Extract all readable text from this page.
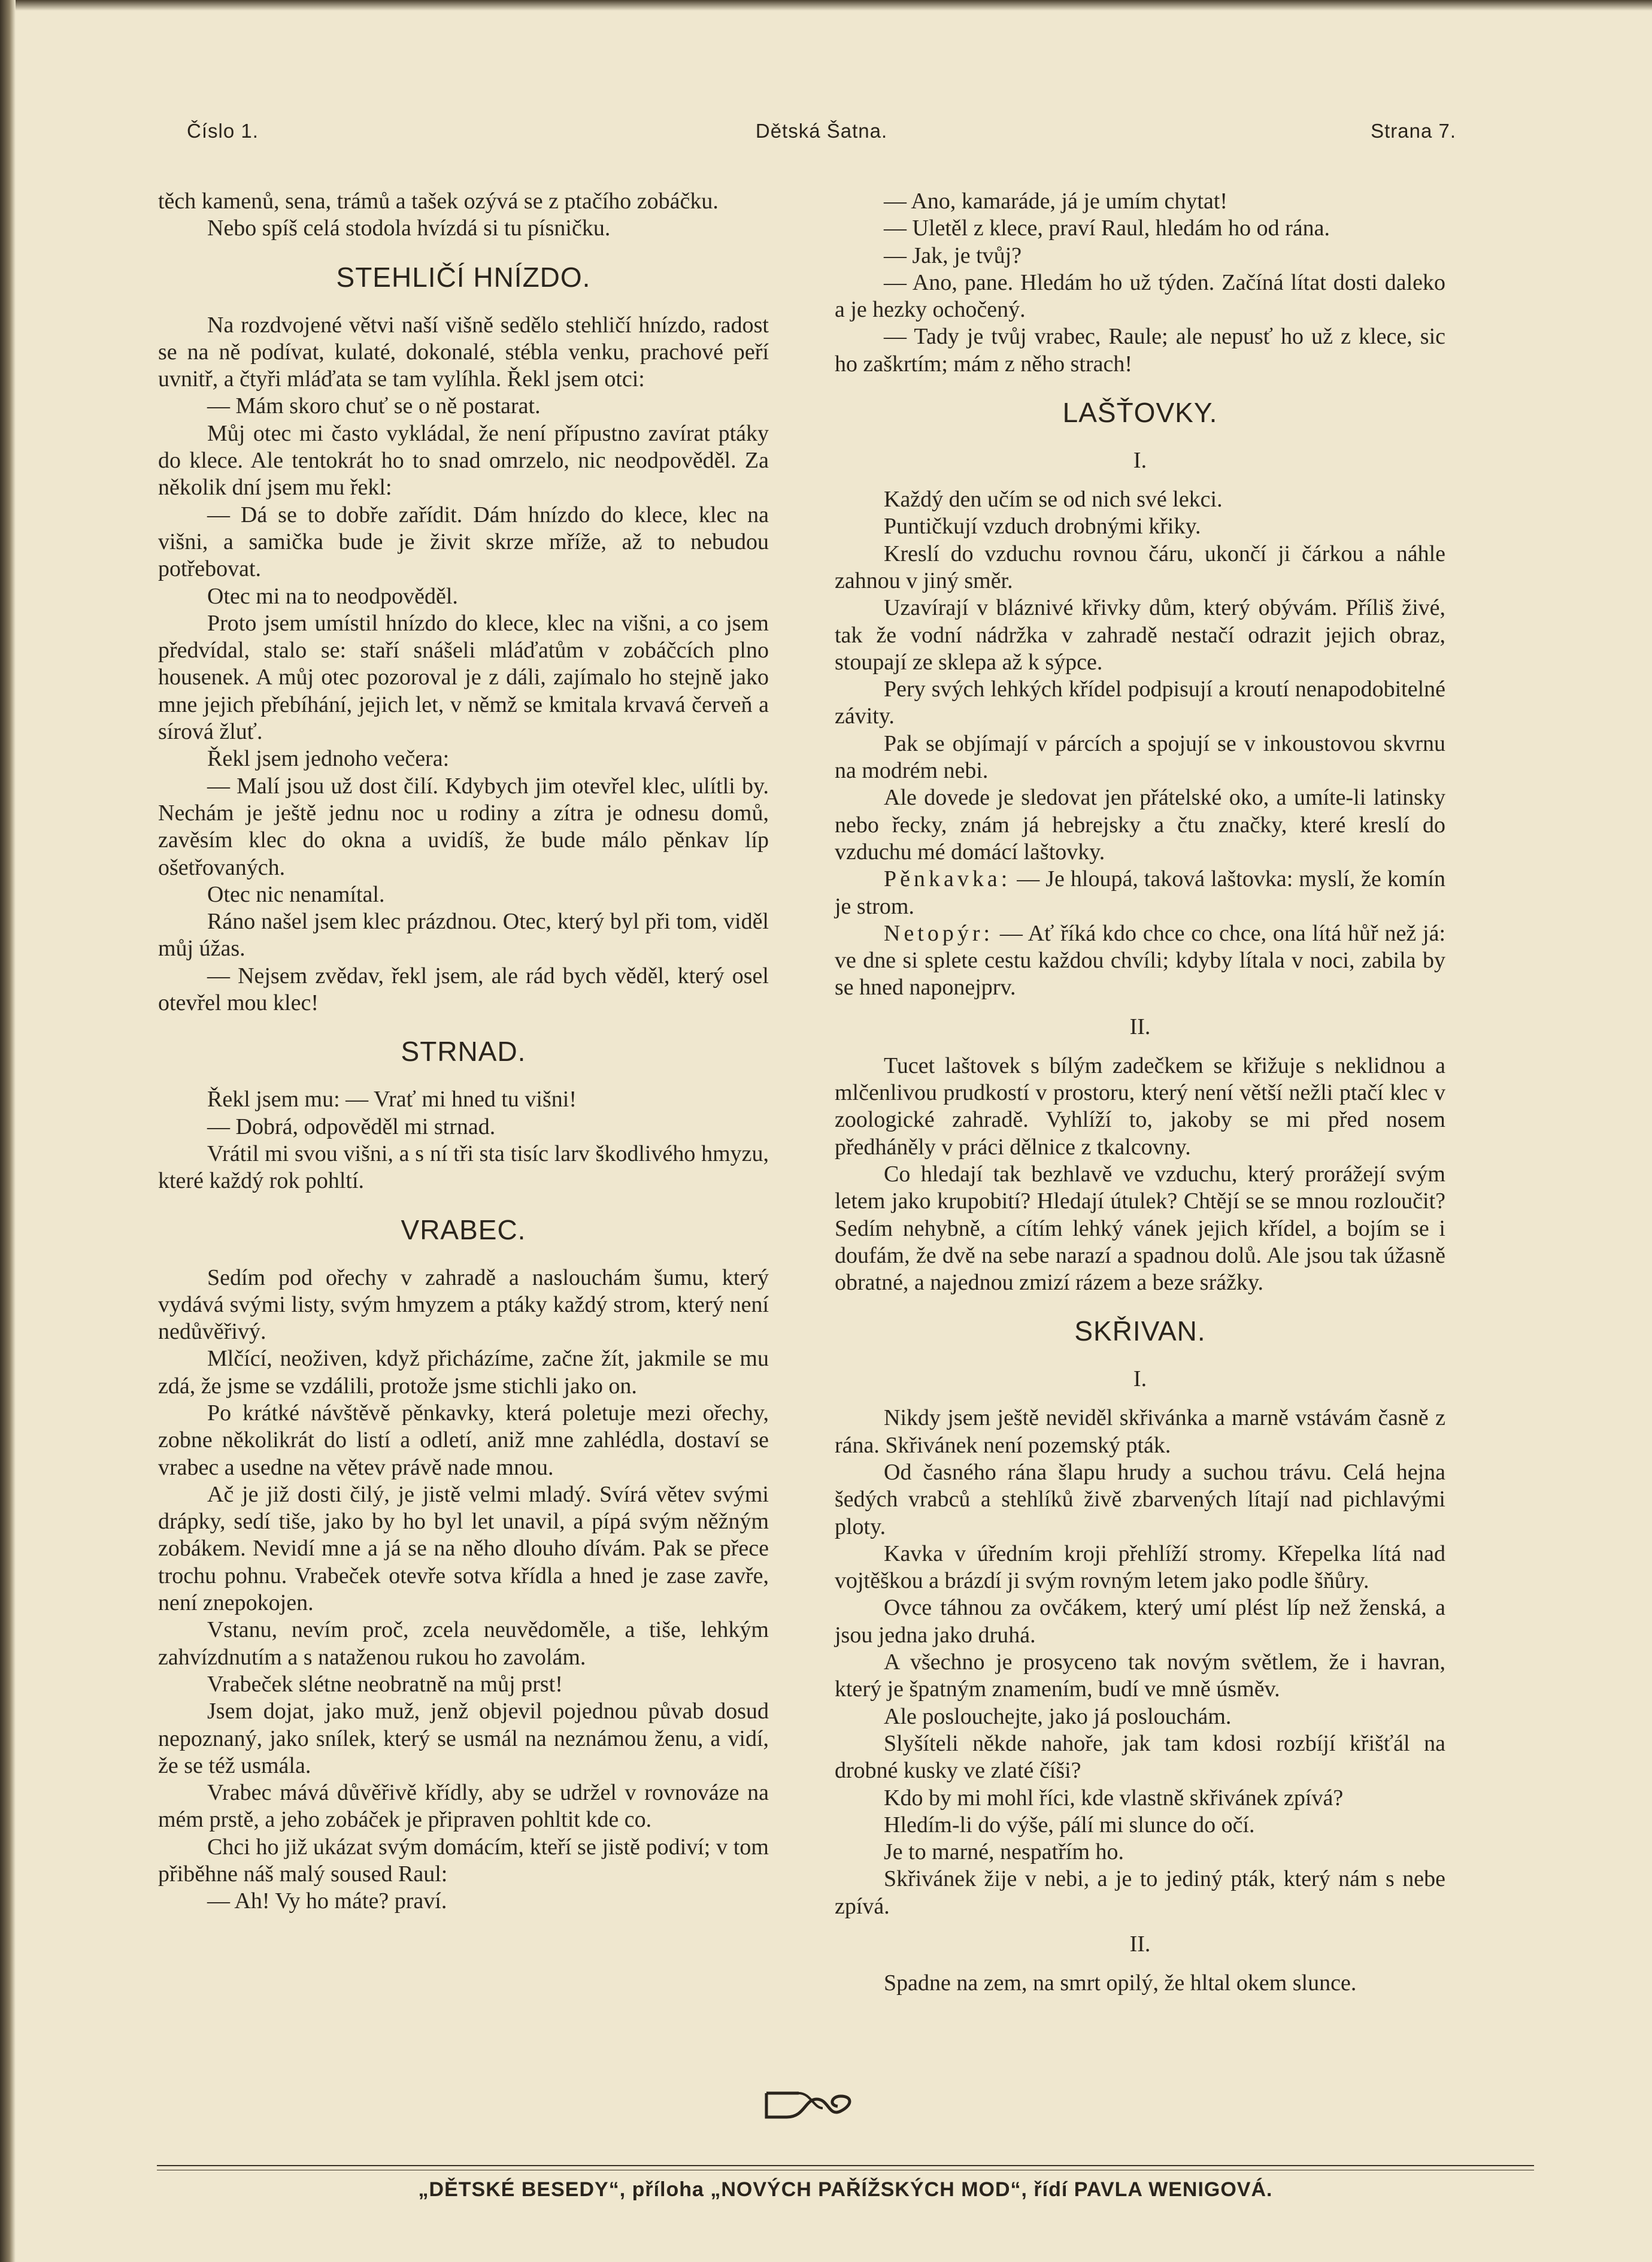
Číslo 1.	Dětská Šatna.	Strana 7.

těch kamenů, sena, trámů a tašek ozývá se z ptačího zobáčku.

Nebo spíš celá stodola hvízdá si tu písničku.

STEHLIČÍ HNÍZDO.

Na rozdvojené větvi naší višně sedělo stehličí hnízdo, radost se na ně podívat, kulaté, dokonalé, stébla venku, prachové peří uvnitř, a čtyři mláďata se tam vylíhla. Řekl jsem otci:

— Mám skoro chuť se o ně postarat.

Můj otec mi často vykládal, že není přípustno zavírat ptáky do klece. Ale tentokrát ho to snad omrzelo, nic neodpověděl. Za několik dní jsem mu řekl:

— Dá se to dobře zařídit. Dám hnízdo do klece, klec na višni, a samička bude je živit skrze mříže, až to nebudou potřebovat.

Otec mi na to neodpověděl.

Proto jsem umístil hnízdo do klece, klec na višni, a co jsem předvídal, stalo se: staří snášeli mláďatům v zobáčcích plno housenek. A můj otec pozoroval je z dáli, zajímalo ho stejně jako mne jejich přebíhání, jejich let, v němž se kmitala krvavá červeň a sírová žluť.

Řekl jsem jednoho večera:

— Malí jsou už dost čilí. Kdybych jim otevřel klec, ulítli by. Nechám je ještě jednu noc u rodiny a zítra je odnesu domů, zavěsím klec do okna a uvidíš, že bude málo pěnkav líp ošetřovaných.

Otec nic nenamítal.

Ráno našel jsem klec prázdnou. Otec, který byl při tom, viděl můj úžas.

— Nejsem zvědav, řekl jsem, ale rád bych věděl, který osel otevřel mou klec!

STRNAD.

Řekl jsem mu: — Vrať mi hned tu višni!

— Dobrá, odpověděl mi strnad.

Vrátil mi svou višni, a s ní tři sta tisíc larv škodlivého hmyzu, které každý rok pohltí.

VRABEC.

Sedím pod ořechy v zahradě a naslouchám šumu, který vydává svými listy, svým hmyzem a ptáky každý strom, který není nedůvěřivý.

Mlčící, neoživen, když přicházíme, začne žít, jakmile se mu zdá, že jsme se vzdálili, protože jsme stichli jako on.

Po krátké návštěvě pěnkavky, která poletuje mezi ořechy, zobne několikrát do listí a odletí, aniž mne zahlédla, dostaví se vrabec a usedne na větev právě nade mnou.

Ač je již dosti čilý, je jistě velmi mladý. Svírá větev svými drápky, sedí tiše, jako by ho byl let unavil, a pípá svým něžným zobákem. Nevidí mne a já se na něho dlouho dívám. Pak se přece trochu pohnu. Vrabeček otevře sotva křídla a hned je zase zavře, není znepokojen.

Vstanu, nevím proč, zcela neuvědoměle, a tiše, lehkým zahvízdnutím a s nataženou rukou ho zavolám.

Vrabeček slétne neobratně na můj prst!

Jsem dojat, jako muž, jenž objevil pojednou půvab dosud nepoznaný, jako snílek, který se usmál na neznámou ženu, a vidí, že se též usmála.

Vrabec mává důvěřivě křídly, aby se udržel v rovnováze na mém prstě, a jeho zobáček je připraven pohltit kde co.

Chci ho již ukázat svým domácím, kteří se jistě podiví; v tom přiběhne náš malý soused Raul:

— Ah! Vy ho máte? praví.

— Ano, kamaráde, já je umím chytat!

— Uletěl z klece, praví Raul, hledám ho od rána.

— Jak, je tvůj?

— Ano, pane. Hledám ho už týden. Začíná lítat dosti daleko a je hezky ochočený.

— Tady je tvůj vrabec, Raule; ale nepusť ho už z klece, sic ho zaškrtím; mám z něho strach!

LAŠŤOVKY.
I.

Každý den učím se od nich své lekci.

Puntičkují vzduch drobnými křiky.

Kreslí do vzduchu rovnou čáru, ukončí ji čárkou a náhle zahnou v jiný směr.

Uzavírají v bláznivé křivky dům, který obývám. Příliš živé, tak že vodní nádržka v zahradě nestačí odrazit jejich obraz, stoupají ze sklepa až k sýpce.

Pery svých lehkých křídel podpisují a kroutí nenapodobitelné závity.

Pak se objímají v párcích a spojují se v inkoustovou skvrnu na modrém nebi.

Ale dovede je sledovat jen přátelské oko, a umíte-li latinsky nebo řecky, znám já hebrejsky a čtu značky, které kreslí do vzduchu mé domácí laštovky.

Pěnkavka: — Je hloupá, taková laštovka: myslí, že komín je strom.

Netopýr: — Ať říká kdo chce co chce, ona lítá hůř než já: ve dne si splete cestu každou chvíli; kdyby lítala v noci, zabila by se hned naponejprv.

II.

Tucet laštovek s bílým zadečkem se křižuje s neklidnou a mlčenlivou prudkostí v prostoru, který není větší nežli ptačí klec v zoologické zahradě. Vyhlíží to, jakoby se mi před nosem předháněly v práci dělnice z tkalcovny.

Co hledají tak bezhlavě ve vzduchu, který prorážejí svým letem jako krupobití? Hledají útulek? Chtějí se se mnou rozloučit? Sedím nehybně, a cítím lehký vánek jejich křídel, a bojím se i doufám, že dvě na sebe narazí a spadnou dolů. Ale jsou tak úžasně obratné, a najednou zmizí rázem a beze srážky.

SKŘIVAN.
I.

Nikdy jsem ještě neviděl skřivánka a marně vstávám časně z rána. Skřivánek není pozemský pták.

Od časného rána šlapu hrudy a suchou trávu. Celá hejna šedých vrabců a stehlíků živě zbarvených lítají nad pichlavými ploty.

Kavka v úředním kroji přehlíží stromy. Křepelka lítá nad vojtěškou a brázdí ji svým rovným letem jako podle šňůry.

Ovce táhnou za ovčákem, který umí plést líp než ženská, a jsou jedna jako druhá.

A všechno je prosyceno tak novým světlem, že i havran, který je špatným znamením, budí ve mně úsměv.

Ale poslouchejte, jako já poslouchám.

Slyšíteli někde nahoře, jak tam kdosi rozbíjí křišťál na drobné kusky ve zlaté číši?

Kdo by mi mohl říci, kde vlastně skřivánek zpívá?

Hledím-li do výše, pálí mi slunce do očí.

Je to marné, nespatřím ho.

Skřivánek žije v nebi, a je to jediný pták, který nám s nebe zpívá.

II.

Spadne na zem, na smrt opilý, že hltal okem slunce.

„DĚTSKÉ BESEDY“, příloha „NOVÝCH PAŘÍŽSKÝCH MOD“, řídí PAVLA WENIGOVÁ.
